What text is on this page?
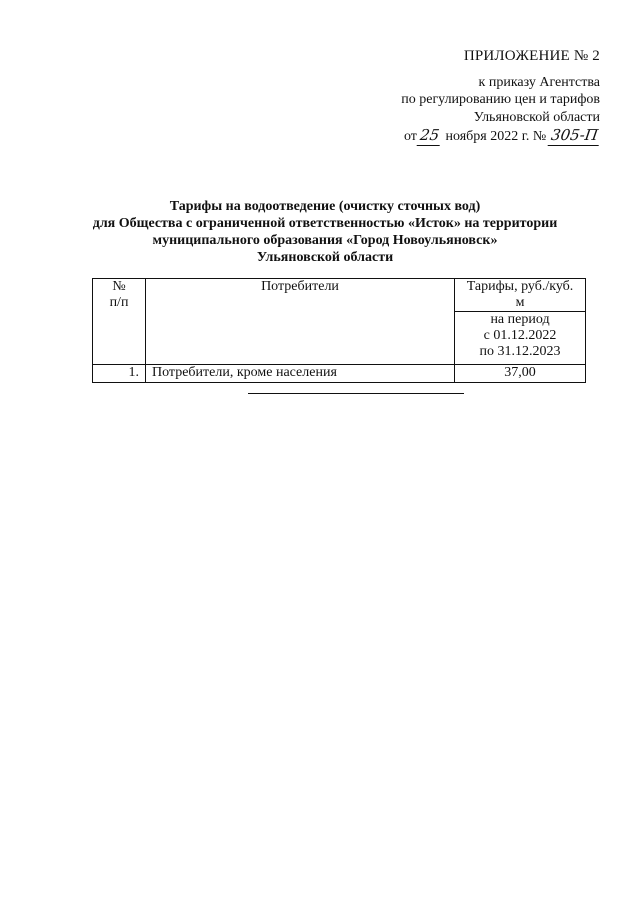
ПРИЛОЖЕНИЕ № 2
к приказу Агентства
по регулированию цен и тарифов
Ульяновской области
от 25 ноября 2022 г. № 305-П
Тарифы на водоотведение (очистку сточных вод)
для Общества с ограниченной ответственностью «Исток» на территории
муниципального образования «Город Новоульяновск»
Ульяновской области
№
п/п	Потребители	Тарифы, руб./куб. м

		на период
с 01.12.2022
по 31.12.2023

1.	Потребители, кроме населения	37,00
